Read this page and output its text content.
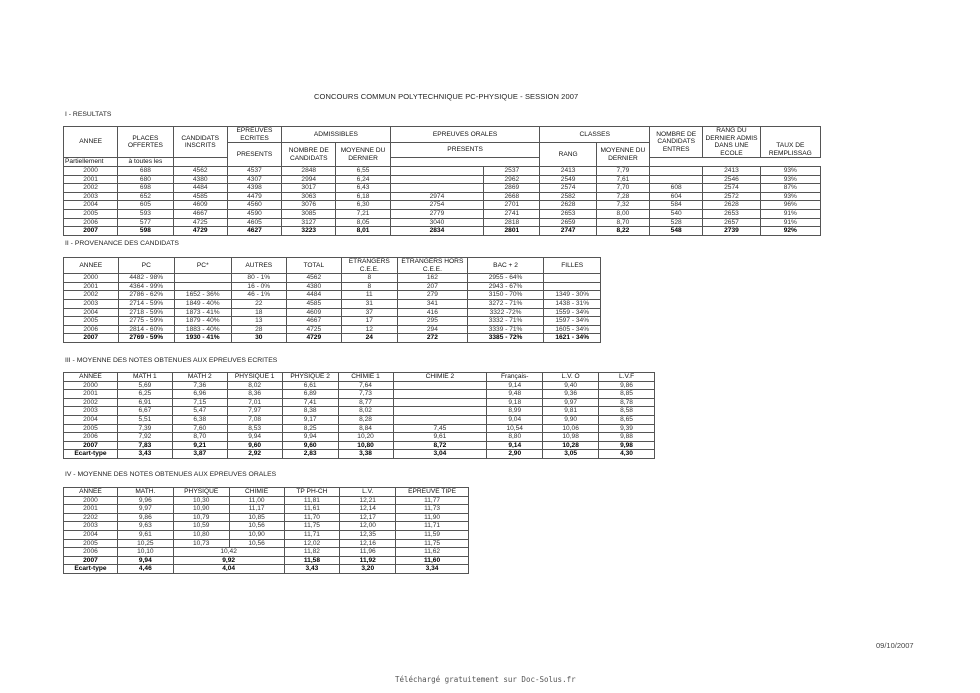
CONCOURS COMMUN POLYTECHNIQUE PC-PHYSIQUE - SESSION 2007
I - RESULTATS
ANNEE	PLACES OFFERTES	CANDIDATS INSCRITS	EPREUVES ECRITES	ADMISSIBLES		EPREUVES ORALES		CLASSES		NOMBRE DE CANDIDATS ENTRES	RANG DU DERNIER ADMIS DANS UNE ECOLE	TAUX DE REMPLISSAG

			PRESENTS	NOMBRE DE CANDIDATS	MOYENNE DU DERNIER	PRESENTS		RANG	MOYENNE DU DERNIER			
Partiellement	à toutes les											
2000	688	4562	4537	2848	6,55		2537	2413	7,79		2413	93%
2001	680	4380	4307	2994	6,24		2962	2549	7,61		2546	93%
2002	698	4484	4398	3017	6,43		2869	2574	7,70	608	2574	87%
2003	652	4585	4479	3063	6,18	2974	2668	2582	7,28	604	2572	93%
2004	605	4609	4560	3076	6,30	2754	2701	2628	7,32	584	2628	96%
2005	593	4667	4590	3085	7,21	2779	2741	2653	8,00	540	2653	91%
2006	577	4725	4605	3127	8,05	3040	2818	2659	8,70	528	2657	91%
2007	598	4729	4627	3223	8,01	2834	2801	2747	8,22	548	2739	92%
II - PROVENANCE DES CANDIDATS
ANNEE	PC	PC*	AUTRES	TOTAL	ETRANGERS C.E.E.	ETRANGERS HORS C.E.E.	BAC + 2	FILLES
2000	4482 - 98%		80 - 1%	4562	8	162	2955 - 64%	
2001	4364 - 99%		16 - 0%	4380	8	207	2943 - 67%	
2002	2786 - 62%	1652 - 36%	46 - 1%	4484	11	279	3150 - 70%	1349 - 30%
2003	2714 - 59%	1849 - 40%	22	4585	31	341	3272 - 71%	1438 - 31%
2004	2718 - 59%	1873 - 41%	18	4609	37	416	3322 -72%	1559 - 34%
2005	2775 - 59%	1879 - 40%	13	4667	17	295	3332 - 71%	1597 - 34%
2006	2814 - 60%	1883 - 40%	28	4725	12	294	3339 - 71%	1605 - 34%
2007	2769 - 59%	1930 - 41%	30	4729	24	272	3385 - 72%	1621 - 34%
III - MOYENNE DES NOTES OBTENUES AUX EPREUVES ECRITES
ANNEE	MATH 1	MATH 2	PHYSIQUE 1	PHYSIQUE 2	CHIMIE 1	CHIMIE 2	Français-	L.V. O	L.V.F
2000	5,69	7,36	8,02	6,61	7,64		9,14	9,40	9,86
2001	6,25	6,96	8,36	6,89	7,73		9,48	9,36	8,85
2002	6,91	7,15	7,01	7,41	8,77		9,18	9,97	8,78
2003	6,67	5,47	7,97	8,38	8,02		8,99	9,81	8,58
2004	5,51	6,38	7,08	9,17	8,28		9,04	9,90	8,65
2005	7,39	7,60	8,53	8,25	8,84	7,45	10,54	10,06	9,39
2006	7,92	8,70	9,94	9,94	10,20	9,61	8,80	10,98	9,88
2007	7,83	9,21	9,60	9,60	10,80	8,72	9,14	10,28	9,98
Ecart-type	3,43	3,87	2,92	2,83	3,38	3,04	2,90	3,05	4,30
IV - MOYENNE DES NOTES OBTENUES AUX EPREUVES ORALES
ANNEE	MATH.	PHYSIQUE	CHIMIE	TP PH-CH	L.V.	EPREUVE TIPE
2000	9,96	10,30	11,00	11,81	12,21	11,77
2001	9,97	10,90	11,17	11,61	12,14	11,73
2202	9,86	10,79	10,85	11,70	12,17	11,90
2003	9,63	10,59	10,56	11,75	12,00	11,71
2004	9,61	10,80	10,90	11,71	12,35	11,59
2005	10,25	10,73	10,56	12,02	12,16	11,75
2006	10,10	10,42		11,82	11,96	11,62
2007	9,94	9,92		11,58	11,92	11,60
Ecart-type	4,46	4,04		3,43	3,20	3,34
09/10/2007
Téléchargé gratuitement sur Doc-Solus.fr
